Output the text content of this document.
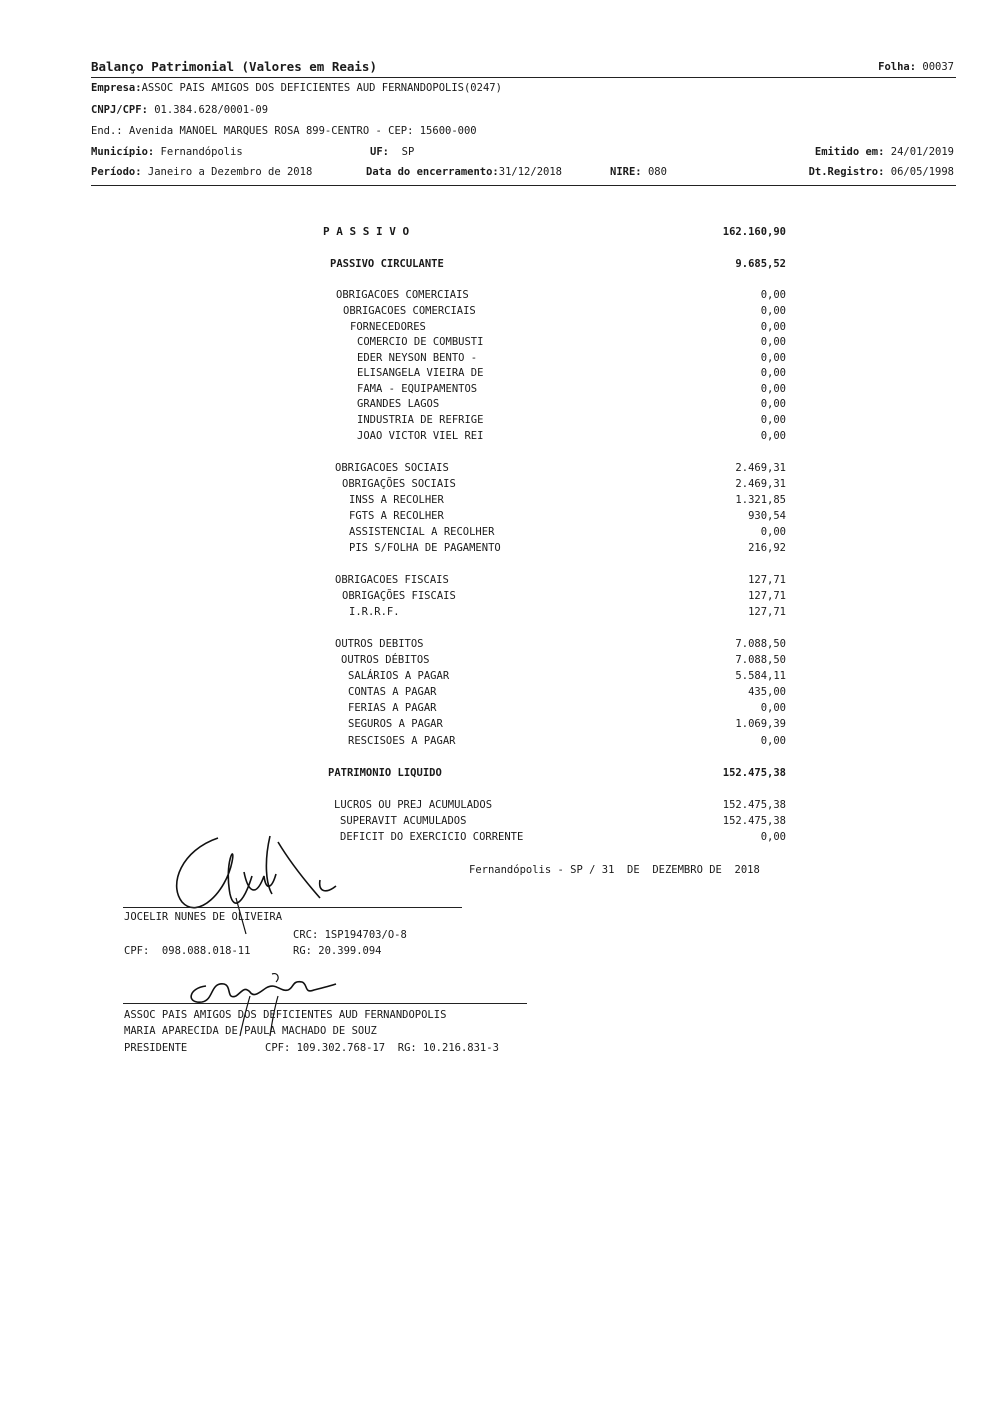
Balanço Patrimonial (Valores em Reais)	Folha: 00037
Empresa:ASSOC PAIS AMIGOS DOS DEFICIENTES AUD FERNANDOPOLIS(0247)
CNPJ/CPF: 01.384.628/0001-09
End.: Avenida MANOEL MARQUES ROSA 899-CENTRO - CEP: 15600-000
Município: Fernandópolis	UF: SP	Emitido em: 24/01/2019
Período: Janeiro a Dezembro de 2018	Data do encerramento:31/12/2018	NIRE: 080	Dt.Registro: 06/05/1998
P A S S I V O	162.160,90
PASSIVO CIRCULANTE	9.685,52
OBRIGACOES COMERCIAIS	0,00
OBRIGACOES COMERCIAIS	0,00
FORNECEDORES	0,00
COMERCIO DE COMBUSTI	0,00
EDER NEYSON BENTO -	0,00
ELISANGELA VIEIRA DE	0,00
FAMA - EQUIPAMENTOS	0,00
GRANDES LAGOS	0,00
INDUSTRIA DE REFRIGE	0,00
JOAO VICTOR VIEL REI	0,00
OBRIGACOES SOCIAIS	2.469,31
OBRIGAÇÕES SOCIAIS	2.469,31
INSS A RECOLHER	1.321,85
FGTS A RECOLHER	930,54
ASSISTENCIAL A RECOLHER	0,00
PIS S/FOLHA DE PAGAMENTO	216,92
OBRIGACOES FISCAIS	127,71
OBRIGAÇÕES FISCAIS	127,71
I.R.R.F.	127,71
OUTROS DEBITOS	7.088,50
OUTROS DÉBITOS	7.088,50
SALÁRIOS A PAGAR	5.584,11
CONTAS A PAGAR	435,00
FERIAS A PAGAR	0,00
SEGUROS A PAGAR	1.069,39
RESCISOES A PAGAR	0,00
PATRIMONIO LIQUIDO	152.475,38
LUCROS OU PREJ ACUMULADOS	152.475,38
SUPERAVIT ACUMULADOS	152.475,38
DEFICIT DO EXERCICIO CORRENTE	0,00
Fernandópolis - SP / 31  DE  DEZEMBRO DE  2018
JOCELIR NUNES DE OLIVEIRA
CRC: 1SP194703/O-8
CPF:  098.088.018-11	RG: 20.399.094
ASSOC PAIS AMIGOS DOS DEFICIENTES AUD FERNANDOPOLIS
MARIA APARECIDA DE PAULA MACHADO DE SOUZ
PRESIDENTE	CPF: 109.302.768-17  RG: 10.216.831-3
